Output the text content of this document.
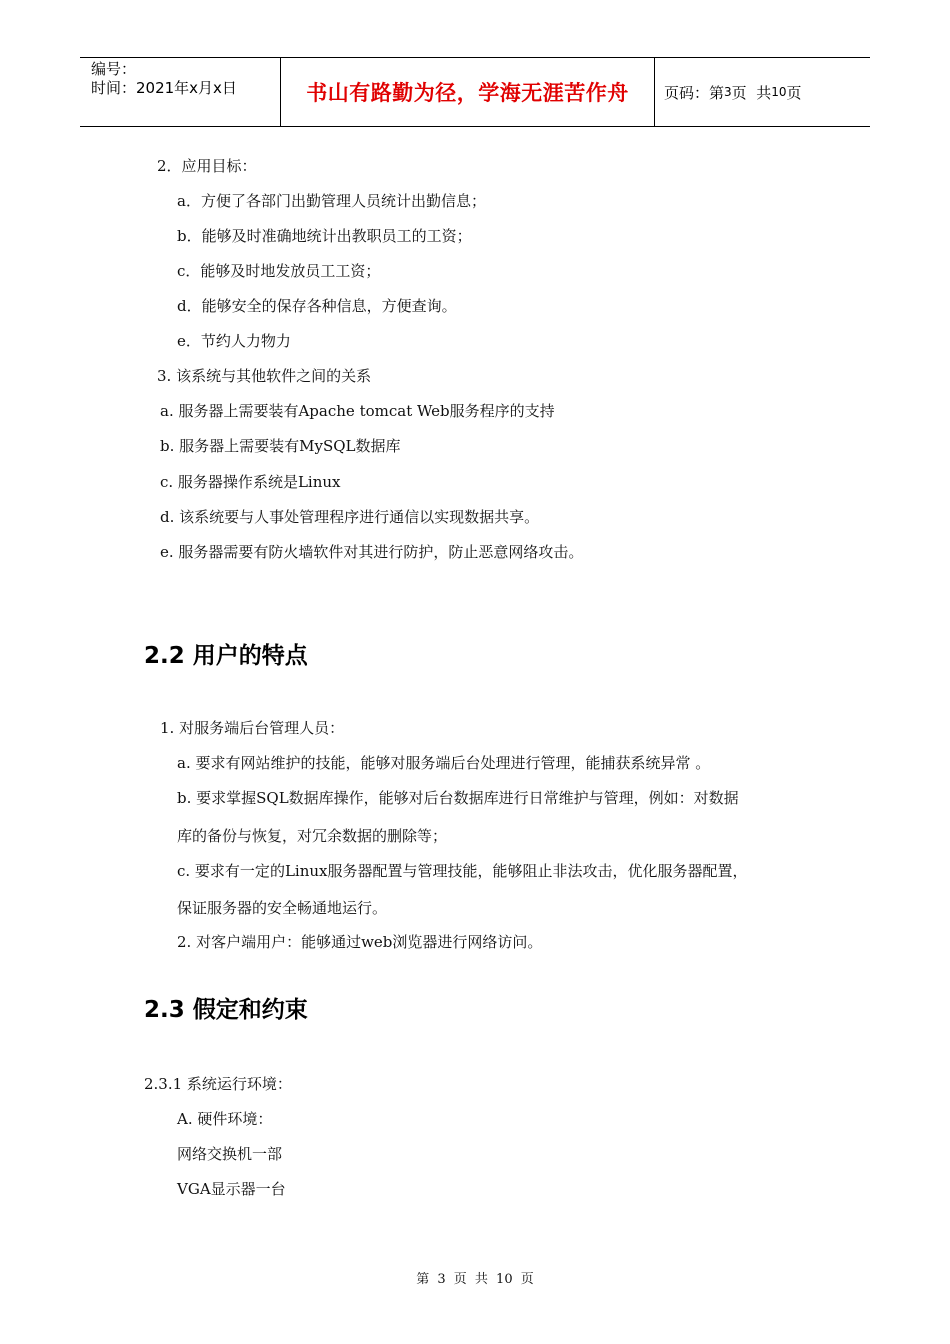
编号：
时间：2021年x月x日	书山有路勤为径，学海无涯苦作舟	页码：第 3 页  共 10 页
2．应用目标：
a．方便了各部门出勤管理人员统计出勤信息；
b．能够及时准确地统计出教职员工的工资；
c．能够及时地发放员工工资；
d．能够安全的保存各种信息，方便查询。
e．节约人力物力
3. 该系统与其他软件之间的关系
a. 服务器上需要装有Apache tomcat Web服务程序的支持
b. 服务器上需要装有MySQL数据库
c. 服务器操作系统是Linux
d. 该系统要与人事处管理程序进行通信以实现数据共享。
e. 服务器需要有防火墙软件对其进行防护，防止恶意网络攻击。
2.2 用户的特点
1. 对服务端后台管理人员：
a. 要求有网站维护的技能，能够对服务端后台处理进行管理，能捕获系统异常 。
b. 要求掌握SQL数据库操作，能够对后台数据库进行日常维护与管理，例如：对数据
库的备份与恢复，对冗余数据的删除等；
c. 要求有一定的Linux服务器配置与管理技能，能够阻止非法攻击，优化服务器配置，
保证服务器的安全畅通地运行。
2. 对客户端用户：能够通过web浏览器进行网络访问。
2.3 假定和约束
2.3.1 系统运行环境：
A. 硬件环境：
网络交换机一部
VGA显示器一台
第 3 页 共 10 页
